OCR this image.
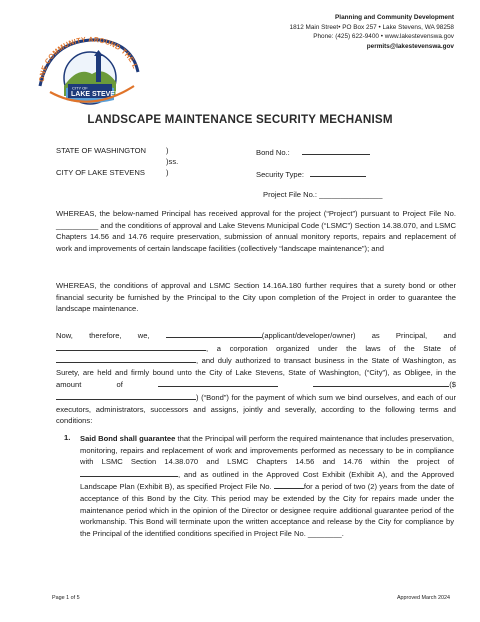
ONE COMMUNITY AROUND THE L
CITY OF
LAKE STEVENS
Planning and Community Development
1812 Main Street• PO Box 257 • Lake Stevens, WA 98258
Phone: (425) 622-9400 • www.lakestevenswa.gov
permits@lakestevenswa.gov
LANDSCAPE MAINTENANCE SECURITY MECHANISM
STATE OF WASHINGTON	)
)ss.
CITY OF LAKE STEVENS	)
Bond No.:
Security Type:
Project File No.: _______________
WHEREAS, the below-named Principal has received approval for the project (“Project”) pursuant to Project File No. __________ and the conditions of approval and Lake Stevens Municipal Code (“LSMC”) Section 14.38.070, and LSMC Chapters 14.56 and 14.76 require preservation, submission of annual monitory reports, repairs and replacement of work and improvements of certain landscape facilities (collectively “landscape maintenance”); and
WHEREAS, the conditions of approval and LSMC Section 14.16A.180 further requires that a surety bond or other financial security be furnished by the Principal to the City upon completion of the Project in order to guarantee the landscape maintenance.
Now, therefore, we,	(applicant/developer/owner) as Principal, and , a corporation organized under the laws of the State of , and duly authorized to transact business in the State of Washington, as Surety, are held and firmly bound unto the City of Lake Stevens, State of Washington, (“City”), as Obligee, in the amount of	($) (“Bond”) for the payment of which sum we bind ourselves, and each of our executors, administrators, successors and assigns, jointly and severally, according to the following terms and conditions:
1. Said Bond shall guarantee that the Principal will perform the required maintenance that includes preservation, monitoring, repairs and replacement of work and improvements performed as necessary to be in compliance with LSMC Section 14.38.070 and LSMC Chapters 14.56 and 14.76 within the project of , and as outlined in the Approved Cost Exhibit (Exhibit A), and the Approved Landscape Plan (Exhibit B), as specified Project File No.	for a period of two (2) years from the date of acceptance of this Bond by the City. This period may be extended by the City for repairs made under the maintenance period which in the opinion of the Director or designee require additional guarantee period of the workmanship. This Bond will terminate upon the written acceptance and release by the City for compliance by the Principal of the identified conditions specified in Project File No. ________.
Page 1 of 5	Approved March 2024
